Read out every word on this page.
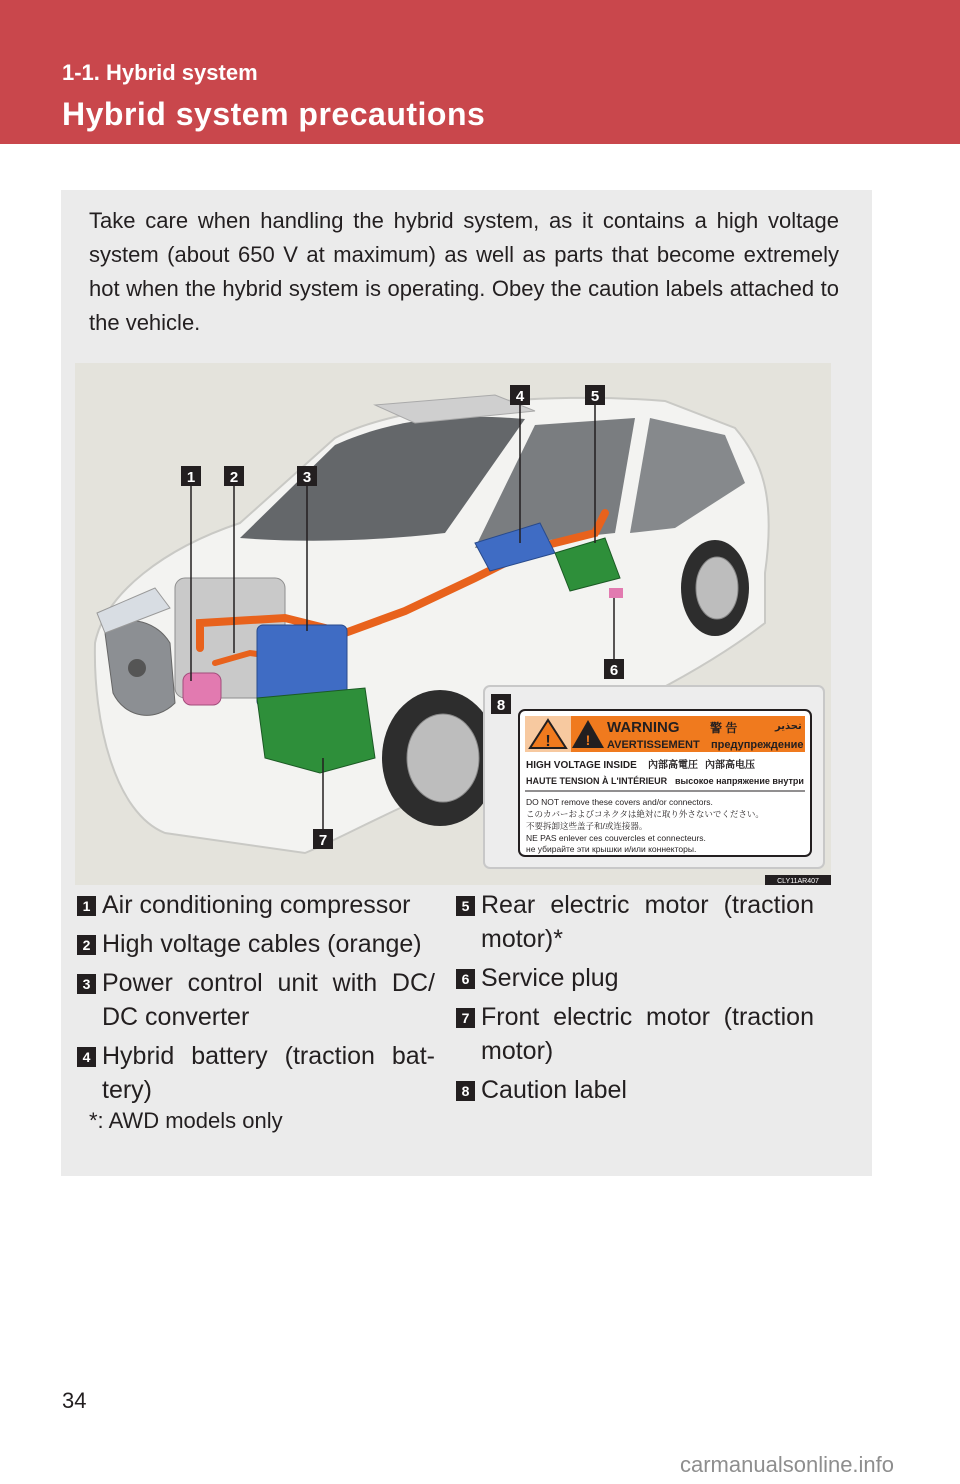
1-1. Hybrid system
Hybrid system precautions
Take care when handling the hybrid system, as it contains a high voltage system (about 650 V at maximum) as well as parts that become extremely hot when the hybrid system is operating. Obey the caution labels attached to the vehicle.
1 2	3
4	5
6
7
8
!	!
WARNING
AVERTISSEMENT
警 告	تحذير
предупреждение
HIGH VOLTAGE INSIDE 內部高電圧 內部高电压
HAUTE TENSION À L'INTÉRIEUR высокое напряжение внутри
DO NOT remove these covers and/or connectors.
このカバーおよびコネクタは絶対に取り外さないでください。
不要拆卸这些盖子和/或连接器。
NE PAS enlever ces couvercles et connecteurs.
не убирайте эти крышки и/или коннекторы.
CLY11AR407
1 Air conditioning compressor
2 High voltage cables (orange)
3 Power control unit with DC/ DC converter
4 Hybrid battery (traction bat- tery)
5 Rear electric motor (traction motor)*
6 Service plug
7 Front electric motor (traction motor)
8 Caution label
*: AWD models only
34
carmanualsonline.info
